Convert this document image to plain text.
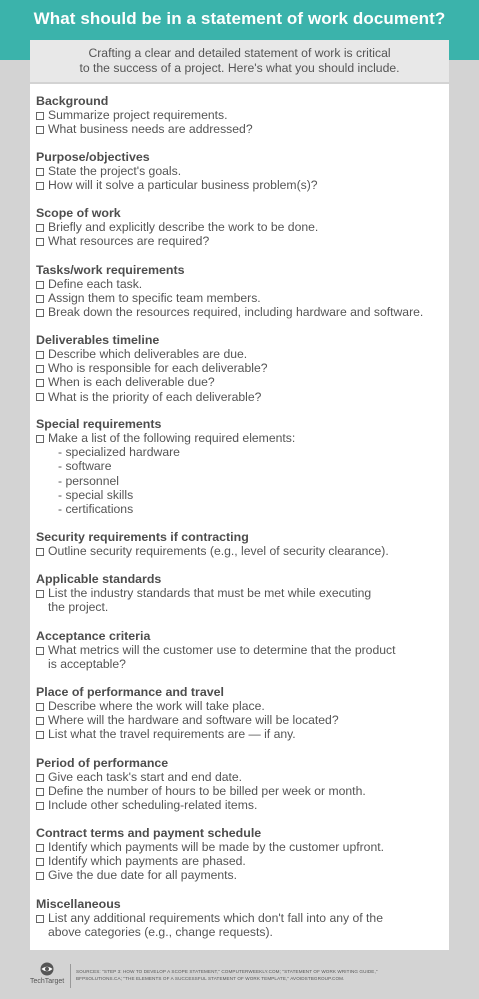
What should be in a statement of work document?
Crafting a clear and detailed statement of work is critical
to the success of a project. Here's what you should include.
Background
Summarize project requirements.
What business needs are addressed?
Purpose/objectives
State the project's goals.
How will it solve a particular business problem(s)?
Scope of work
Briefly and explicitly describe the work to be done.
What resources are required?
Tasks/work requirements
Define each task.
Assign them to specific team members.
Break down the resources required, including hardware and software.
Deliverables timeline
Describe which deliverables are due.
Who is responsible for each deliverable?
When is each deliverable due?
What is the priority of each deliverable?
Special requirements
Make a list of the following required elements:
- specialized hardware
- software
- personnel
- special skills
- certifications
Security requirements if contracting
Outline security requirements (e.g., level of security clearance).
Applicable standards
List the industry standards that must be met while executing
the project.
Acceptance criteria
What metrics will the customer use to determine that the product
is acceptable?
Place of performance and travel
Describe where the work will take place.
Where will the hardware and software will be located?
List what the travel requirements are — if any.
Period of performance
Give each task's start and end date.
Define the number of hours to be billed per week or month.
Include other scheduling-related items.
Contract terms and payment schedule
Identify which payments will be made by the customer upfront.
Identify which payments are phased.
Give the due date for all payments.
Miscellaneous
List any additional requirements which don't fall into any of the
above categories (e.g., change requests).
TechTarget
SOURCES: "STEP 3: HOW TO DEVELOP A SCOPE STATEMENT," COMPUTERWEEKLY.COM; "STATEMENT OF WORK WRITING GUIDE,"
BFPSOLUTIONS.CA; "THE ELEMENTS OF A SUCCESSFUL STATEMENT OF WORK TEMPLATE," AVOIDSTBGROUP.COM.
